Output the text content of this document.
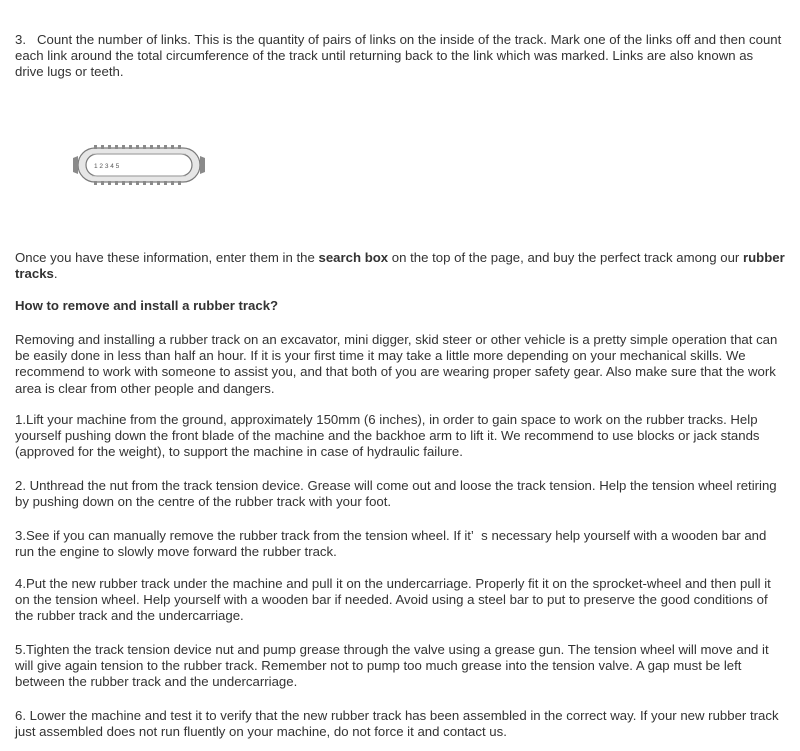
3.   Count the number of links. This is the quantity of pairs of links on the inside of the track. Mark one of the links off and then count each link around the total circumference of the track until returning back to the link which was marked. Links are also known as drive lugs or teeth.

1 2 3 4 5

Once you have these information, enter them in the search box on the top of the page, and buy the perfect track among our rubber tracks.

How to remove and install a rubber track?

Removing and installing a rubber track on an excavator, mini digger, skid steer or other vehicle is a pretty simple operation that can be easily done in less than half an hour. If it is your first time it may take a little more depending on your mechanical skills. We recommend to work with someone to assist you, and that both of you are wearing proper safety gear. Also make sure that the work area is clear from other people and dangers.

1.Lift your machine from the ground, approximately 150mm (6 inches), in order to gain space to work on the rubber tracks. Help yourself pushing down the front blade of the machine and the backhoe arm to lift it. We recommend to use blocks or jack stands (approved for the weight), to support the machine in case of hydraulic failure.

2. Unthread the nut from the track tension device. Grease will come out and loose the track tension. Help the tension wheel retiring by pushing down on the centre of the rubber track with your foot.

3.See if you can manually remove the rubber track from the tension wheel. If it’  s necessary help yourself with a wooden bar and run the engine to slowly move forward the rubber track.

4.Put the new rubber track under the machine and pull it on the undercarriage. Properly fit it on the sprocket-wheel and then pull it on the tension wheel. Help yourself with a wooden bar if needed. Avoid using a steel bar to put to preserve the good conditions of the rubber track and the undercarriage.

5.Tighten the track tension device nut and pump grease through the valve using a grease gun. The tension wheel will move and it will give again tension to the rubber track. Remember not to pump too much grease into the tension valve. A gap must be left between the rubber track and the undercarriage.

6. Lower the machine and test it to verify that the new rubber track has been assembled in the correct way. If your new rubber track just assembled does not run fluently on your machine, do not force it and contact us.
